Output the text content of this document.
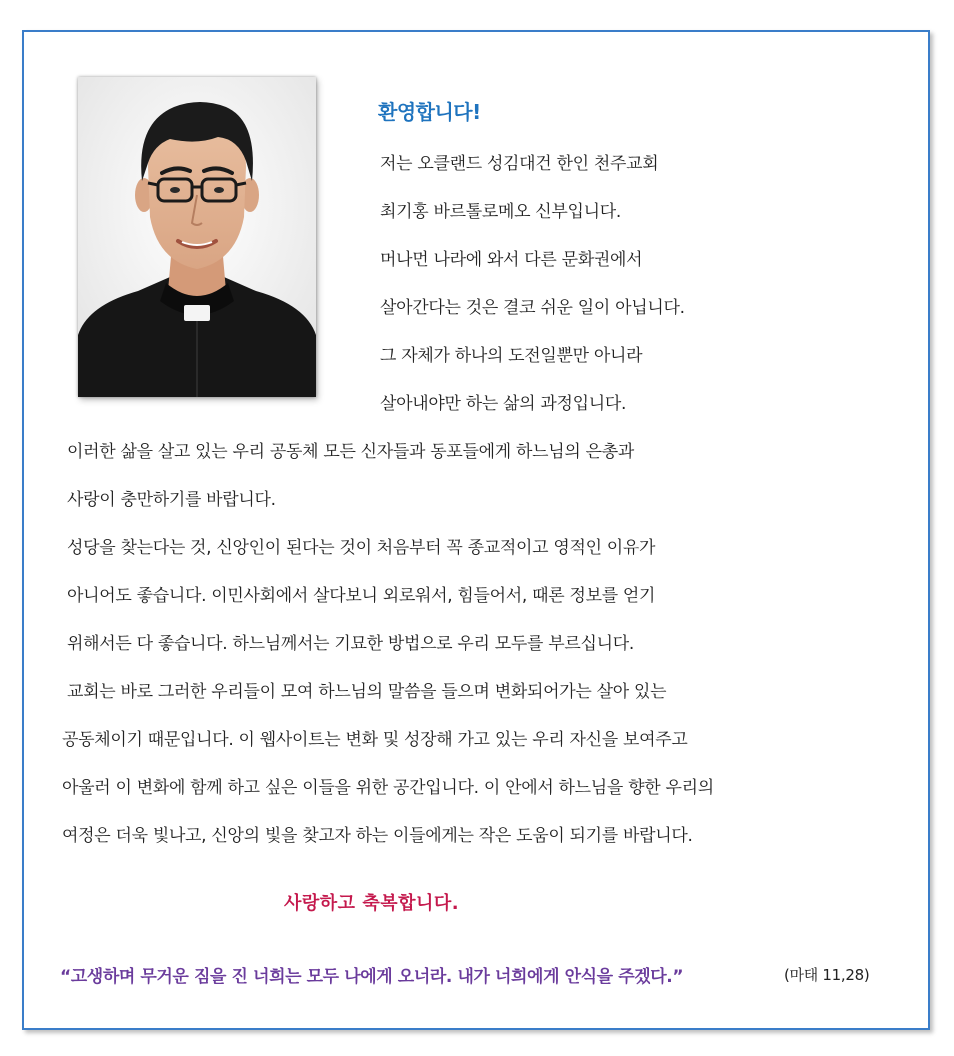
환영합니다!
저는 오클랜드 성김대건 한인 천주교회
최기홍 바르톨로메오 신부입니다.
머나먼 나라에 와서 다른 문화권에서
살아간다는 것은 결코 쉬운 일이 아닙니다.
그 자체가 하나의 도전일뿐만 아니라
살아내야만 하는 삶의 과정입니다.
이러한 삶을 살고 있는 우리 공동체 모든 신자들과 동포들에게 하느님의 은총과
사랑이 충만하기를 바랍니다.
성당을 찾는다는 것, 신앙인이 된다는 것이 처음부터 꼭 종교적이고 영적인 이유가
아니어도 좋습니다. 이민사회에서 살다보니 외로워서, 힘들어서, 때론 정보를 얻기
위해서든 다 좋습니다. 하느님께서는 기묘한 방법으로 우리 모두를 부르십니다.
교회는 바로 그러한 우리들이 모여 하느님의 말씀을 들으며 변화되어가는 살아 있는
공동체이기 때문입니다. 이 웹사이트는 변화 및 성장해 가고 있는 우리 자신을 보여주고
아울러 이 변화에 함께 하고 싶은 이들을 위한 공간입니다. 이 안에서 하느님을 향한 우리의
여정은 더욱 빛나고, 신앙의 빛을 찾고자 하는 이들에게는 작은 도움이 되기를 바랍니다.
사랑하고 축복합니다.
“고생하며 무거운 짐을 진 너희는 모두 나에게 오너라. 내가 너희에게 안식을 주겠다.”	(마태 11,28)
